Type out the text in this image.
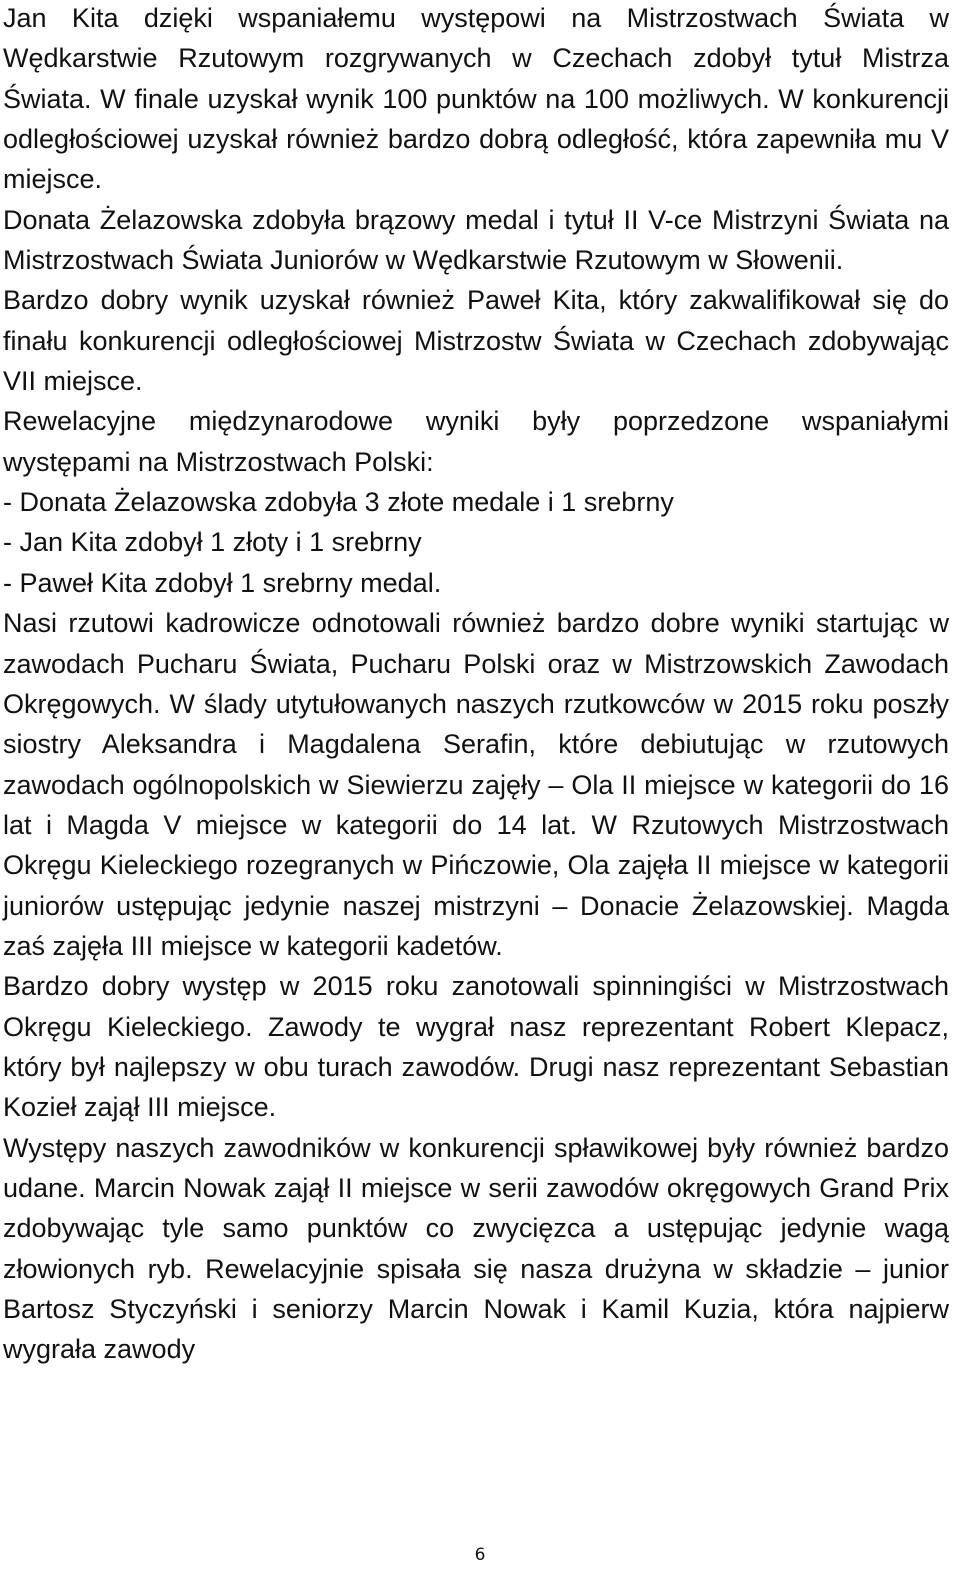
Jan Kita dzięki wspaniałemu występowi na Mistrzostwach Świata w Wędkarstwie Rzutowym rozgrywanych w Czechach zdobył tytuł Mistrza Świata. W finale uzyskał wynik 100 punktów na 100 możliwych. W konkurencji odległościowej uzyskał również bardzo dobrą odległość, która zapewniła mu V miejsce.

Donata Żelazowska zdobyła brązowy medal i tytuł II V-ce Mistrzyni Świata na Mistrzostwach Świata Juniorów w Wędkarstwie Rzutowym w Słowenii.

Bardzo dobry wynik uzyskał również Paweł Kita, który zakwalifikował się do finału konkurencji odległościowej Mistrzostw Świata w Czechach zdobywając VII miejsce.

Rewelacyjne międzynarodowe wyniki były poprzedzone wspaniałymi występami na Mistrzostwach Polski:

- Donata Żelazowska zdobyła 3 złote medale i 1 srebrny

- Jan Kita zdobył 1 złoty i 1 srebrny

- Paweł Kita zdobył 1 srebrny medal.

Nasi rzutowi kadrowicze odnotowali również bardzo dobre wyniki startując w zawodach Pucharu Świata, Pucharu Polski oraz w Mistrzowskich Zawodach Okręgowych. W ślady utytułowanych naszych rzutkowców w 2015 roku poszły siostry Aleksandra i Magdalena Serafin, które debiutując w rzutowych zawodach ogólnopolskich w Siewierzu zajęły – Ola II miejsce w kategorii do 16 lat i Magda V miejsce w kategorii do 14 lat. W Rzutowych Mistrzostwach Okręgu Kieleckiego rozegranych w Pińczowie, Ola zajęła II miejsce w kategorii juniorów ustępując jedynie naszej mistrzyni – Donacie Żelazowskiej. Magda zaś zajęła III miejsce w kategorii kadetów.

Bardzo dobry występ w 2015 roku zanotowali spinningiści w Mistrzostwach Okręgu Kieleckiego. Zawody te wygrał nasz reprezentant Robert Klepacz, który był najlepszy w obu turach zawodów. Drugi nasz reprezentant Sebastian Kozieł zajął III miejsce.

Występy naszych zawodników w konkurencji spławikowej były również bardzo udane. Marcin Nowak zajął II miejsce w serii zawodów okręgowych Grand Prix zdobywając tyle samo punktów co zwycięzca a ustępując jedynie wagą złowionych ryb. Rewelacyjnie spisała się nasza drużyna w składzie – junior Bartosz Styczyński i seniorzy Marcin Nowak i Kamil Kuzia, która najpierw wygrała zawody

6
